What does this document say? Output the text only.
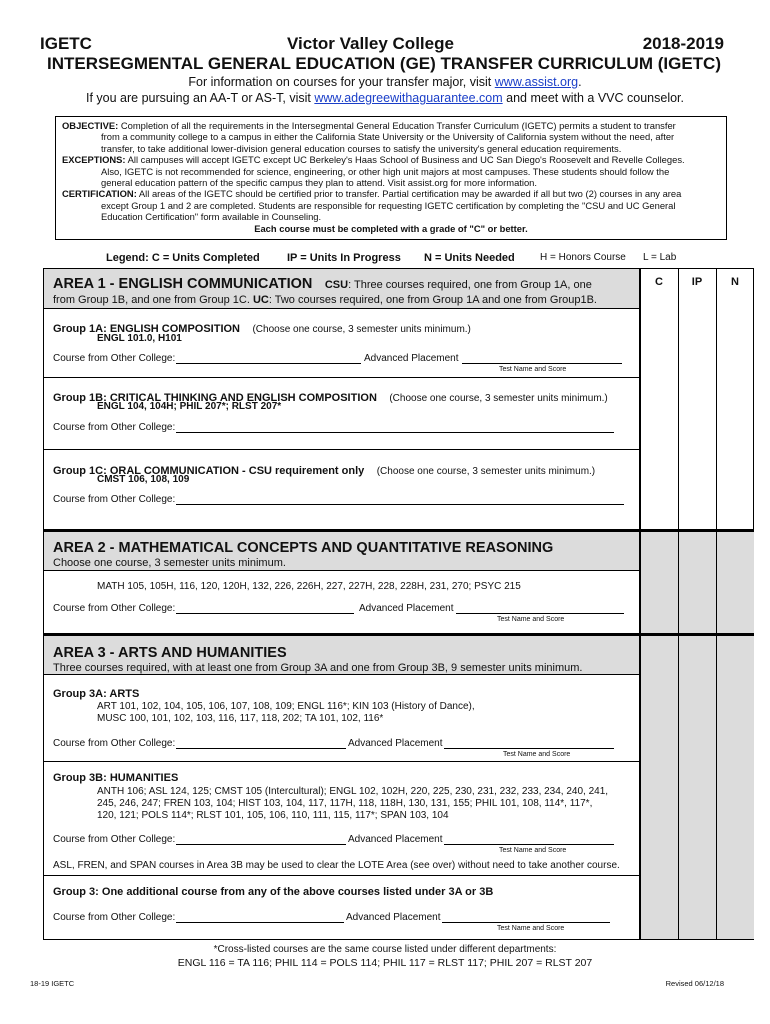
IGETC	Victor Valley College	2018-2019
INTERSEGMENTAL GENERAL EDUCATION (GE) TRANSFER CURRICULUM (IGETC)
For information on courses for your transfer major, visit www.assist.org.
If you are pursuing an AA-T or AS-T, visit www.adegreewithaguarantee.com and meet with a VVC counselor.

OBJECTIVE: Completion of all the requirements in the Intersegmental General Education Transfer Curriculum (IGETC) permits a student to transfer

from a community college to a campus in either the California State University or the University of California system without the need, after

transfer, to take additional lower-division general education courses to satisfy the university's general education requirements.

EXCEPTIONS: All campuses will accept IGETC except UC Berkeley's Haas School of Business and UC San Diego's Roosevelt and Revelle Colleges.

Also, IGETC is not recommended for science, engineering, or other high unit majors at most campuses. These students should follow the

general education pattern of the specific campus they plan to attend. Visit assist.org for more information.

CERTIFICATION: All areas of the IGETC should be certified prior to transfer. Partial certification may be awarded if all but two (2) courses in any area

except Group 1 and 2 are completed. Students are responsible for requesting IGETC certification by completing the "CSU and UC General

Education Certification" form available in Counseling.

Each course must be completed with a grade of "C" or better.

Legend: C = Units Completed IP = Units In Progress N = Units Needed	H = Honors Course L = Lab
AREA 1 - ENGLISH COMMUNICATION CSU: Three courses required, one from Group 1A, one
from Group 1B, and one from Group 1C. UC: Two courses required, one from Group 1A and one from Group1B.
Group 1A: ENGLISH COMPOSITION (Choose one course, 3 semester units minimum.)
ENGL 101.0, H101
Course from Other College:	Advanced Placement
Test Name and Score
Group 1B: CRITICAL THINKING AND ENGLISH COMPOSITION (Choose one course, 3 semester units minimum.)
ENGL 104, 104H; PHIL 207*; RLST 207*
Course from Other College:
Group 1C: ORAL COMMUNICATION - CSU requirement only (Choose one course, 3 semester units minimum.)
CMST 106, 108, 109
Course from Other College:
C	IP	N
AREA 2 - MATHEMATICAL CONCEPTS AND QUANTITATIVE REASONING
Choose one course, 3 semester units minimum.
MATH 105, 105H, 116, 120, 120H, 132, 226, 226H, 227, 227H, 228, 228H, 231, 270; PSYC 215
Course from Other College:	Advanced Placement
Test Name and Score
AREA 3 - ARTS AND HUMANITIES
Three courses required, with at least one from Group 3A and one from Group 3B, 9 semester units minimum.
Group 3A: ARTS
ART 101, 102, 104, 105, 106, 107, 108, 109; ENGL 116*; KIN 103 (History of Dance),
MUSC 100, 101, 102, 103, 116, 117, 118, 202; TA 101, 102, 116*
Course from Other College:	Advanced Placement
Test Name and Score
Group 3B: HUMANITIES
ANTH 106; ASL 124, 125; CMST 105 (Intercultural); ENGL 102, 102H, 220, 225, 230, 231, 232, 233, 234, 240, 241,
245, 246, 247; FREN 103, 104; HIST 103, 104, 117, 117H, 118, 118H, 130, 131, 155; PHIL 101, 108, 114*, 117*,
120, 121; POLS 114*; RLST 101, 105, 106, 110, 111, 115, 117*; SPAN 103, 104
Course from Other College:	Advanced Placement
Test Name and Score
ASL, FREN, and SPAN courses in Area 3B may be used to clear the LOTE Area (see over) without need to take another course.
Group 3: One additional course from any of the above courses listed under 3A or 3B
Course from Other College:	Advanced Placement
Test Name and Score
*Cross-listed courses are the same course listed under different departments:
ENGL 116 = TA 116; PHIL 114 = POLS 114; PHIL 117 = RLST 117; PHIL 207 = RLST 207
18-19 IGETC	Revised 06/12/18
